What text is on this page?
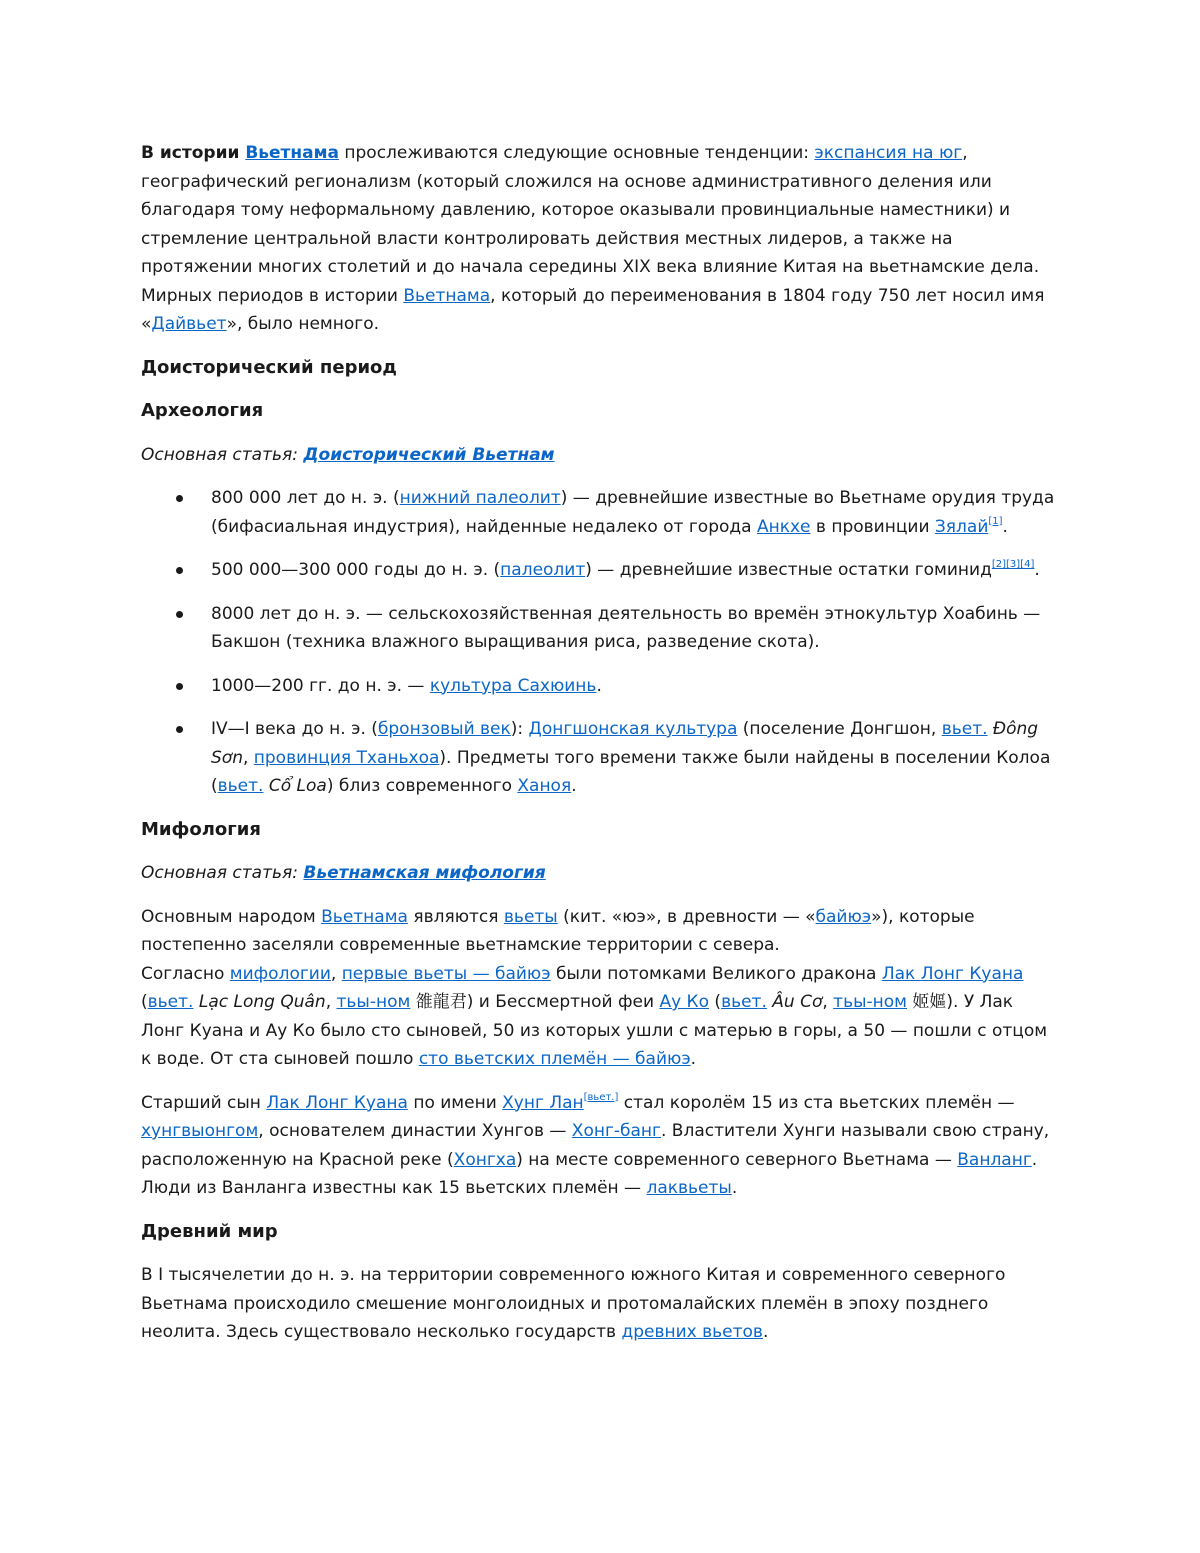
В истории Вьетнама прослеживаются следующие основные тенденции: экспансия на юг, географический регионализм (который сложился на основе административного деления или благодаря тому неформальному давлению, которое оказывали провинциальные наместники) и стремление центральной власти контролировать действия местных лидеров, а также на протяжении многих столетий и до начала середины XIX века влияние Китая на вьетнамские дела. Мирных периодов в истории Вьетнама, который до переименования в 1804 году 750 лет носил имя «Дайвьет», было немного.

Доисторический период
Археология

Основная статья: Доисторический Вьетнам

800 000 лет до н. э. (нижний палеолит) — древнейшие известные во Вьетнаме орудия труда (бифасиальная индустрия), найденные недалеко от города Анкхе в провинции Зялай[1].
500 000—300 000 годы до н. э. (палеолит) — древнейшие известные остатки гоминид[2][3][4].
8000 лет до н. э. — сельскохозяйственная деятельность во времён этнокультур Хоабинь — Бакшон (техника влажного выращивания риса, разведение скота).
1000—200 гг. до н. э. — культура Сахюинь.
IV—I века до н. э. (бронзовый век): Донгшонская культура (поселение Донгшон, вьет. Đông Sơn, провинция Тханьхоа). Предметы того времени также были найдены в поселении Колоа (вьет. Cổ Loa) близ современного Ханоя.
Мифология

Основная статья: Вьетнамская мифология

Основным народом Вьетнама являются вьеты (кит. «юэ», в древности — «байюэ»), которые постепенно заселяли современные вьетнамские территории с севера.

Согласно мифологии, первые вьеты — байюэ были потомками Великого дракона Лак Лонг Куана (вьет. Lạc Long Quân, тьы-ном 雒龍君) и Бессмертной феи Ау Ко (вьет. Âu Cơ, тьы-ном 姬嫗). У Лак Лонг Куана и Ау Ко было сто сыновей, 50 из которых ушли с матерью в горы, а 50 — пошли с отцом к воде. От ста сыновей пошло сто вьетских племён — байюэ.

Старший сын Лак Лонг Куана по имени Хунг Лан[вьет.] стал королём 15 из ста вьетских племён — хунгвыонгом, основателем династии Хунгов — Хонг-банг. Властители Хунги называли свою страну, расположенную на Красной реке (Хонгха) на месте современного северного Вьетнама — Ванланг. Люди из Ванланга известны как 15 вьетских племён — лаквьеты.

Древний мир

В I тысячелетии до н. э. на территории современного южного Китая и современного северного Вьетнама происходило смешение монголоидных и протомалайских племён в эпоху позднего неолита. Здесь существовало несколько государств древних вьетов.
